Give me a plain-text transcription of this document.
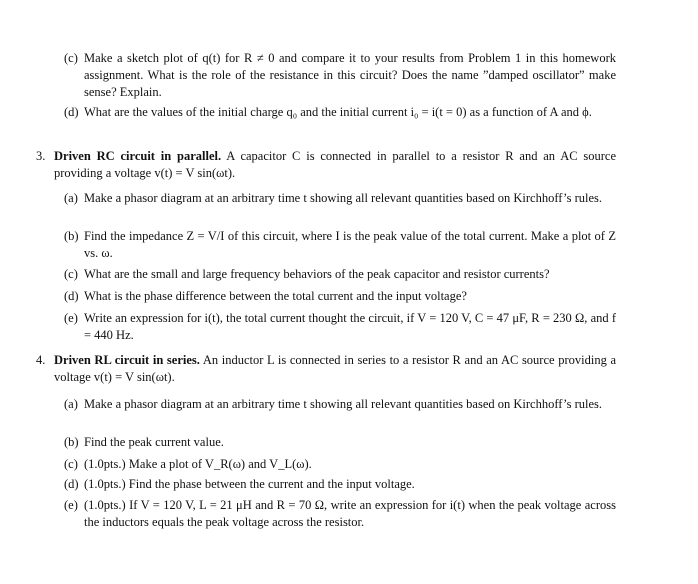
(c) Make a sketch plot of q(t) for R ≠ 0 and compare it to your results from Problem 1 in this homework assignment. What is the role of the resistance in this circuit? Does the name ”damped oscillator” make sense? Explain.
(d) What are the values of the initial charge q₀ and the initial current i₀ = i(t = 0) as a function of A and ϕ.
3. Driven RC circuit in parallel. A capacitor C is connected in parallel to a resistor R and an AC source providing a voltage v(t) = V sin(ωt).
(a) Make a phasor diagram at an arbitrary time t showing all relevant quantities based on Kirchhoff’s rules.
(b) Find the impedance Z = V/I of this circuit, where I is the peak value of the total current. Make a plot of Z vs. ω.
(c) What are the small and large frequency behaviors of the peak capacitor and resistor currents?
(d) What is the phase difference between the total current and the input voltage?
(e) Write an expression for i(t), the total current thought the circuit, if V = 120 V, C = 47 μF, R = 230 Ω, and f = 440 Hz.
4. Driven RL circuit in series. An inductor L is connected in series to a resistor R and an AC source providing a voltage v(t) = V sin(ωt).
(a) Make a phasor diagram at an arbitrary time t showing all relevant quantities based on Kirchhoff’s rules.
(b) Find the peak current value.
(c) (1.0pts.) Make a plot of V_R(ω) and V_L(ω).
(d) (1.0pts.) Find the phase between the current and the input voltage.
(e) (1.0pts.) If V = 120 V, L = 21 μH and R = 70 Ω, write an expression for i(t) when the peak voltage across the inductors equals the peak voltage across the resistor.
